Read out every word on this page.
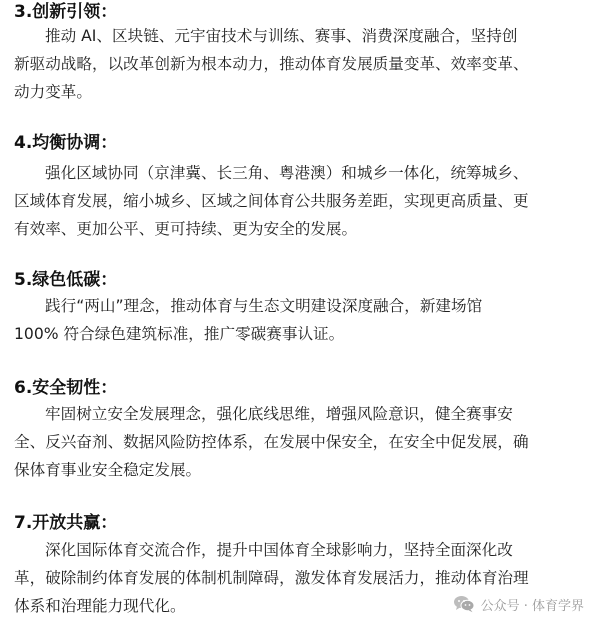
3.创新引领：
推动 AI、区块链、元宇宙技术与训练、赛事、消费深度融合，坚持创
新驱动战略，以改革创新为根本动力，推动体育发展质量变革、效率变革、
动力变革。
4.均衡协调：
强化区域协同（京津冀、长三角、粤港澳）和城乡一体化，统筹城乡、
区域体育发展，缩小城乡、区域之间体育公共服务差距，实现更高质量、更
有效率、更加公平、更可持续、更为安全的发展。
5.绿色低碳：
践行“两山”理念，推动体育与生态文明建设深度融合，新建场馆
100% 符合绿色建筑标准，推广零碳赛事认证。
6.安全韧性：
牢固树立安全发展理念，强化底线思维，增强风险意识，健全赛事安
全、反兴奋剂、数据风险防控体系，在发展中保安全，在安全中促发展，确
保体育事业安全稳定发展。
7.开放共赢：
深化国际体育交流合作，提升中国体育全球影响力，坚持全面深化改
革，破除制约体育发展的体制机制障碍，激发体育发展活力，推动体育治理
体系和治理能力现代化。	公众号 · 体育学界
